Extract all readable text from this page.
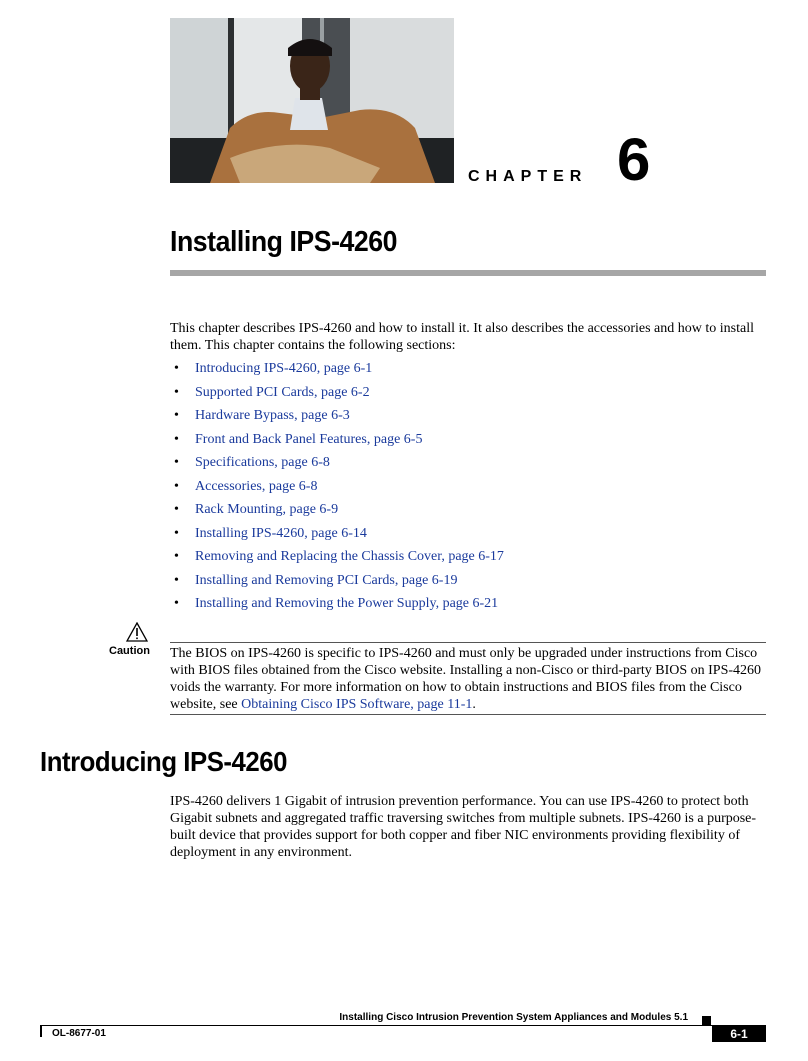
CHAPTER 6
Installing IPS-4260

This chapter describes IPS-4260 and how to install it. It also describes the accessories and how to install them. This chapter contains the following sections:

• Introducing IPS-4260, page 6-1
• Supported PCI Cards, page 6-2
• Hardware Bypass, page 6-3
• Front and Back Panel Features, page 6-5
• Specifications, page 6-8
• Accessories, page 6-8
• Rack Mounting, page 6-9
• Installing IPS-4260, page 6-14
• Removing and Replacing the Chassis Cover, page 6-17
• Installing and Removing PCI Cards, page 6-19
• Installing and Removing the Power Supply, page 6-21
Caution The BIOS on IPS-4260 is specific to IPS-4260 and must only be upgraded under instructions from Cisco with BIOS files obtained from the Cisco website. Installing a non-Cisco or third-party BIOS on IPS-4260 voids the warranty. For more information on how to obtain instructions and BIOS files from the Cisco website, see Obtaining Cisco IPS Software, page 11-1.

Introducing IPS-4260

IPS-4260 delivers 1 Gigabit of intrusion prevention performance. You can use IPS-4260 to protect both Gigabit subnets and aggregated traffic traversing switches from multiple subnets. IPS-4260 is a purpose-built device that provides support for both copper and fiber NIC environments providing flexibility of deployment in any environment.

Installing Cisco Intrusion Prevention System Appliances and Modules 5.1
OL-8677-01	6-1
